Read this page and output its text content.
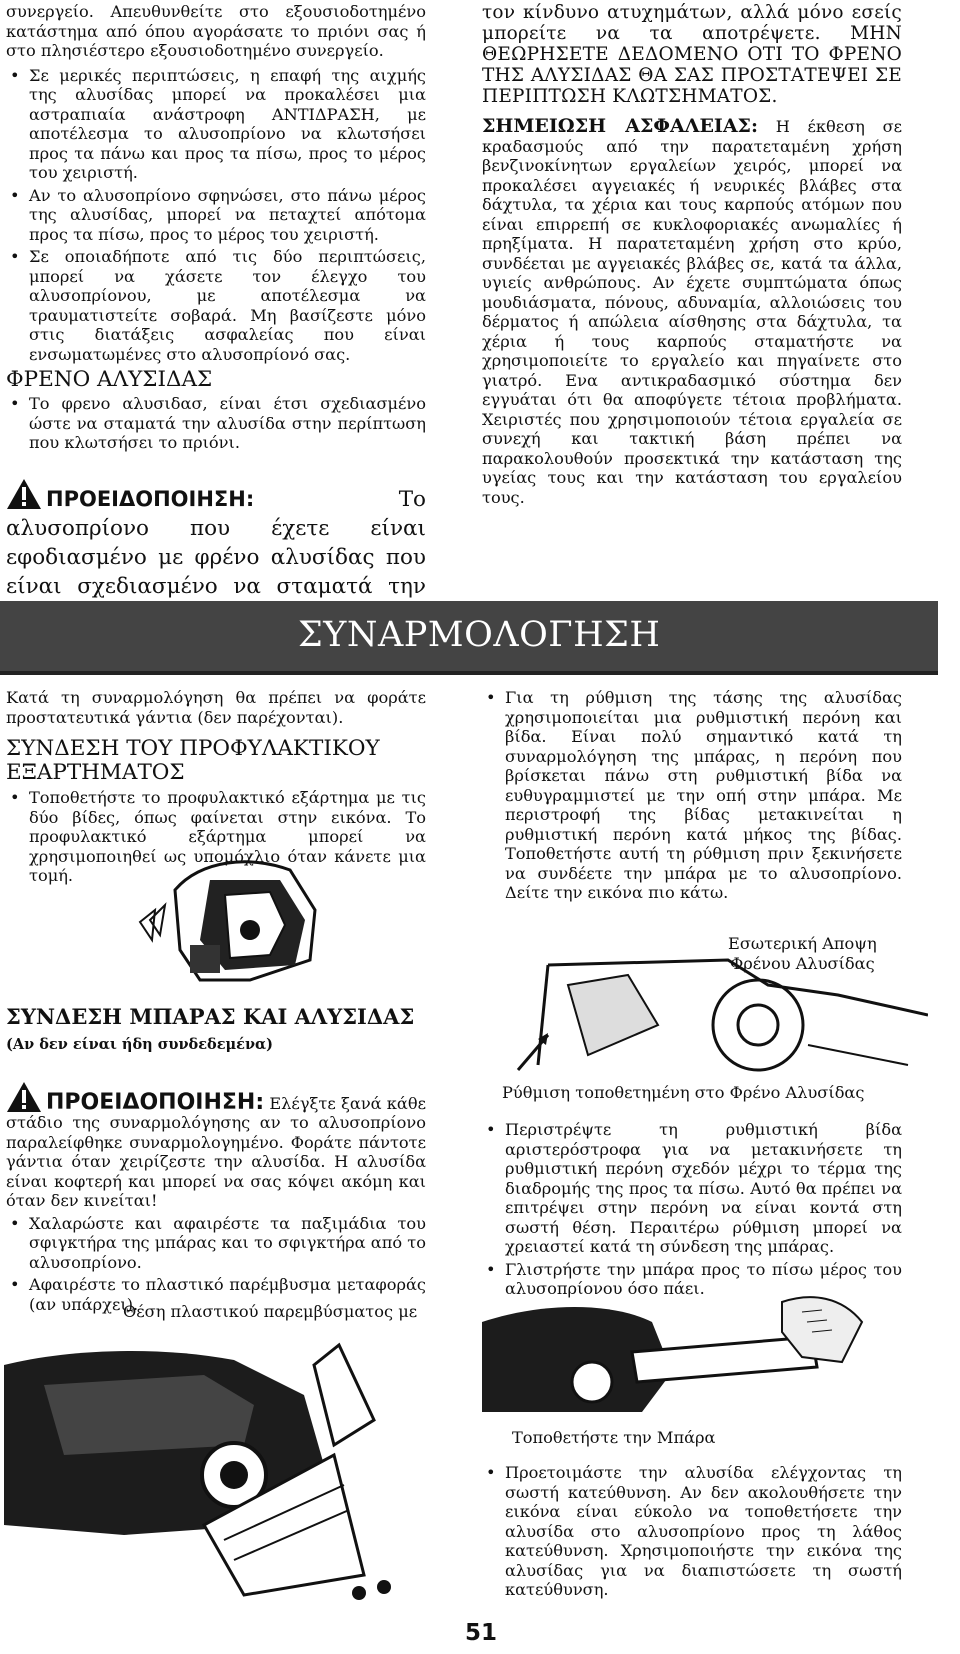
συνεργείο. Απευθυνθείτε στο εξουσιοδοτημένο κατάστημα από όπου αγοράσατε το πριόνι σας ή στο πλησιέστερο εξουσιοδοτημένο συνεργείο.

• Σε μερικές περιπτώσεις, η επαφή της αιχμής της αλυσίδας μπορεί να προκαλέσει μια αστραπιαία ανάστροφη ΑΝΤΙΔΡΑΣΗ, με αποτέλεσμα το αλυσοπρίονο να κλωτσήσει προς τα πάνω και προς τα πίσω, προς το μέρος του χειριστή.
• Αν το αλυσοπρίονο σφηνώσει, στο πάνω μέρος της αλυσίδας, μπορεί να πεταχτεί απότομα προς τα πίσω, προς το μέρος του χειριστή.
• Σε οποιαδήποτε από τις δύο περιπτώσεις, μπορεί να χάσετε τον έλεγχο του αλυσοπρίονου, με αποτέλεσμα να τραυματιστείτε σοβαρά. Μη βασίζεστε μόνο στις διατάξεις ασφαλείας που είναι ενσωματωμένες στο αλυσοπρίονό σας.
ΦΡΕΝΟ ΑΛΥΣΙΔΑΣ
• Το φρενο αλυσιδασ, είναι έτσι σχεδιασμένο ώστε να σταματά την αλυσίδα στην περίπτωση που κλωτσήσει το πριόνι.

ΠΡΟΕΙΔΟΠΟΙΗΣΗ:	Το αλυσοπρίονο που έχετε είναι εφοδιασμένο με φρένο αλυσίδας που είναι σχεδιασμένο να σταματά την

τον κίνδυνο ατυχημάτων, αλλά μόνο εσείς μπορείτε να τα αποτρέψετε. ΜΗΝ ΘΕΩΡΗΣΕΤΕ ΔΕΔΟΜΕΝΟ ΟΤΙ ΤΟ ΦΡΕΝΟ ΤΗΣ ΑΛΥΣΙΔΑΣ ΘΑ ΣΑΣ ΠΡΟΣΤΑΤΕΨΕΙ ΣΕ ΠΕΡΙΠΤΩΣΗ ΚΛΩΤΣΗΜΑΤΟΣ.

ΣΗΜΕΙΩΣΗ ΑΣΦΑΛΕΙΑΣ: Η έκθεση σε κραδασμούς από την παρατεταμένη χρήση βενζινοκίνητων εργαλείων χειρός, μπορεί να προκαλέσει αγγειακές ή νευρικές βλάβες στα δάχτυλα, τα χέρια και τους καρπούς ατόμων που είναι επιρρεπή σε κυκλοφοριακές ανωμαλίες ή πρηξίματα. Η παρατεταμένη χρήση στο κρύο, συνδέεται με αγγειακές βλάβες σε, κατά τα άλλα, υγιείς ανθρώπους. Αν έχετε συμπτώματα όπως μουδιάσματα, πόνους, αδυναμία, αλλοιώσεις του δέρματος ή απώλεια αίσθησης στα δάχτυλα, τα χέρια ή τους καρπούς σταματήστε να χρησιμοποιείτε το εργαλείο και πηγαίνετε στο γιατρό. Ενα αντικραδασμικό σύστημα δεν εγγυάται ότι θα αποφύγετε τέτοια προβλήματα. Χειριστές που χρησιμοποιούν τέτοια εργαλεία σε συνεχή και τακτική βάση πρέπει να παρακολουθούν προσεκτικά την κατάσταση της υγείας τους και την κατάσταση του εργαλείου τους.

ΣΥΝΑΡΜΟΛΟΓΗΣΗ

Κατά τη συναρμολόγηση θα πρέπει να φοράτε προστατευτικά γάντια (δεν παρέχονται).

ΣΥΝΔΕΣΗ ΤΟΥ ΠΡΟΦΥΛΑΚΤΙΚΟΥ ΕΞΑΡΤΗΜΑΤΟΣ
• Τοποθετήστε το προφυλακτικό εξάρτημα με τις δύο βίδες, όπως φαίνεται στην εικόνα. Το προφυλακτικό εξάρτημα μπορεί να χρησιμοποιηθεί ως υπομόχλιο όταν κάνετε μια τομή.
ΣΥΝΔΕΣΗ ΜΠΑΡΑΣ ΚΑΙ ΑΛΥΣΙΔΑΣ
(Αν δεν είναι ήδη συνδεδεμένα)

ΠΡΟΕΙΔΟΠΟΙΗΣΗ: Ελέγξτε ξανά κάθε στάδιο της συναρμολόγησης αν το αλυσοπρίονο παραλείφθηκε συναρμολογημένο. Φοράτε πάντοτε γάντια όταν χειρίζεστε την αλυσίδα. Η αλυσίδα είναι κοφτερή και μπορεί να σας κόψει ακόμη και όταν δεν κινείται!

• Χαλαρώστε και αφαιρέστε τα παξιμάδια του σφιγκτήρα της μπάρας και το σφιγκτήρα από το αλυσοπρίονο.
• Αφαιρέστε το πλαστικό παρέμβυσμα μεταφοράς (αν υπάρχει).
Θέση πλαστικού παρεμβύσματος με
• Για τη ρύθμιση της τάσης της αλυσίδας χρησιμοποιείται μια ρυθμιστική περόνη και βίδα. Είναι πολύ σημαντικό κατά τη συναρμολόγηση της μπάρας, η περόνη που βρίσκεται πάνω στη ρυθμιστική βίδα να ευθυγραμμιστεί με την οπή στην μπάρα. Με περιστροφή της βίδας μετακινείται η ρυθμιστική περόνη κατά μήκος της βίδας. Τοποθετήστε αυτή τη ρύθμιση πριν ξεκινήσετε να συνδέετε την μπάρα με το αλυσοπρίονο. Δείτε την εικόνα πιο κάτω.
Εσωτερική Αποψη
Φρένου Αλυσίδας
Ρύθμιση τοποθετημένη στο Φρένο Αλυσίδας
• Περιστρέψτε τη ρυθμιστική βίδα αριστερόστροφα για να μετακινήσετε τη ρυθμιστική περόνη σχεδόν μέχρι το τέρμα της διαδρομής της προς τα πίσω. Αυτό θα πρέπει να επιτρέψει στην περόνη να είναι κοντά στη σωστή θέση. Περαιτέρω ρύθμιση μπορεί να χρειαστεί κατά τη σύνδεση της μπάρας.
• Γλιστρήστε την μπάρα προς το πίσω μέρος του αλυσοπρίονου όσο πάει.
Τοποθετήστε την Μπάρα
• Προετοιμάστε την αλυσίδα ελέγχοντας τη σωστή κατεύθυνση. Αν δεν ακολουθήσετε την εικόνα είναι εύκολο να τοποθετήσετε την αλυσίδα στο αλυσοπρίονο προς τη λάθος κατεύθυνση. Χρησιμοποιήστε την εικόνα της αλυσίδας για να διαπιστώσετε τη σωστή κατεύθυνση.
51
